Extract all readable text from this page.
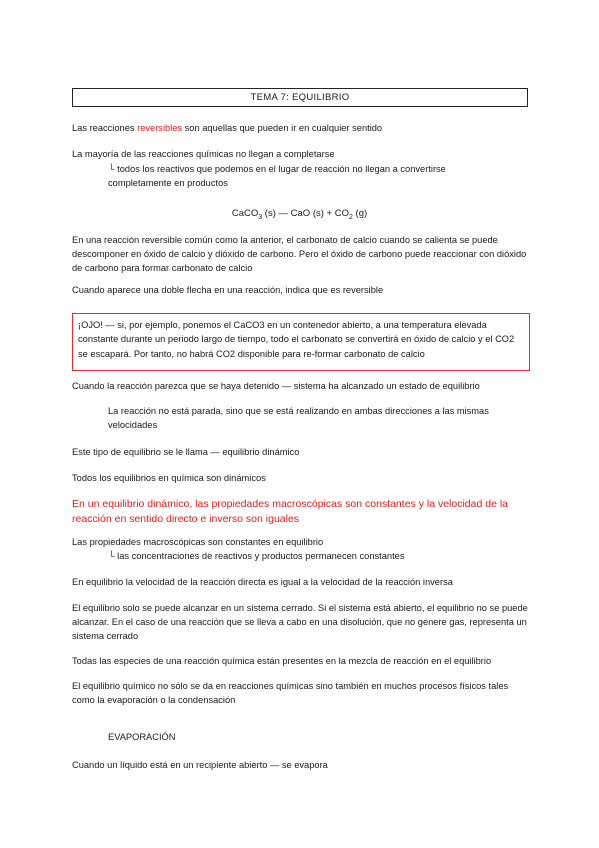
TEMA 7: EQUILIBRIO

Las reacciones reversibles son aquellas que pueden ir en cualquier sentido

La mayoría de las reacciones químicas no llegan a completarse

└ todos los reactivos que podemos en el lugar de reacción no llegan a convertirse completamente en productos

CaCO$_3$ (s) — CaO $(s) + CO_2$ (g)

En una reacción reversible común como la anterior, el carbonato de calcio cuando se calienta se puede descomponer en óxido de calcio y dióxido de carbono. Pero el óxido de carbono puede reaccionar con dióxido de carbono para formar carbonato de calcio

Cuando aparece una doble flecha en una reacción, indica que es reversible

¡OJO! — si, por ejemplo, ponemos el CaCO3 en un contenedor abierto, a una temperatura elevada constante durante un periodo largo de tiempo, todo el carbonato se convertirá en óxido de calcio y el CO2 se escapará. Por tanto, no habrá CO2 disponible para re-formar carbonato de calcio

Cuando la reacción parezca que se haya detenido — sistema ha alcanzado un estado de equilibrio

La reacción no está parada, sino que se está realizando en ambas direcciones a las mismas velocidades

Este tipo de equilibrio se le llama — equilibrio dinámico

Todos los equilibrios en química son dinámicos

En un equilibrio dinámico, las propiedades macroscópicas son constantes y la velocidad de la reacción en sentido directo e inverso son iguales

Las propiedades macroscópicas son constantes en equilibrio

└ las concentraciones de reactivos y productos permanecen constantes

En equilibrio la velocidad de la reacción directa es igual a la velocidad de la reacción inversa

El equilibrio solo se puede alcanzar en un sistema cerrado. Si el sistema está abierto, el equilibrio no se puede alcanzar. En el caso de una reacción que se lleva a cabo en una disolución, que no genere gas, representa un sistema cerrado

Todas las especies de una reacción química están presentes en la mezcla de reacción en el equilibrio

El equilibrio químico no sólo se da en reacciones químicas sino también en muchos procesos físicos tales como la evaporación o la condensación

EVAPORACIÓN

Cuando un líquido está en un recipiente abierto — se evapora
